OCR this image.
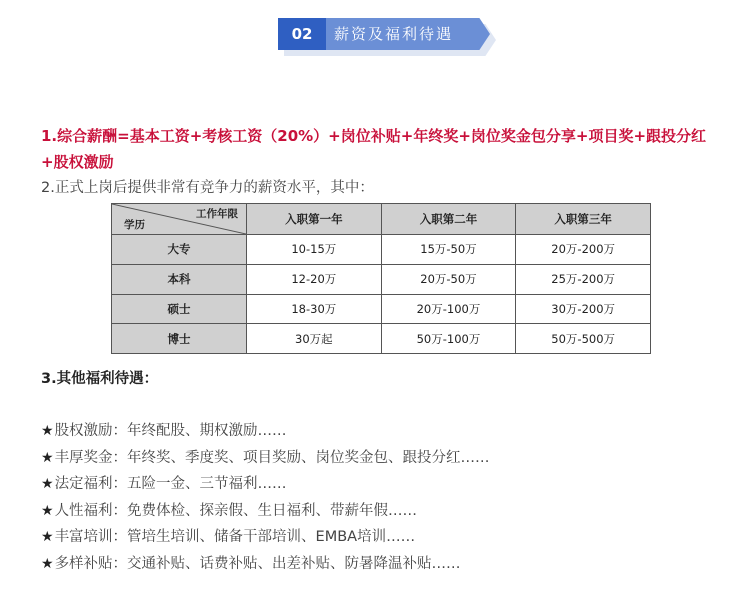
02	薪资及福利待遇
1.综合薪酬=基本工资+考核工资（20%）+岗位补贴+年终奖+岗位奖金包分享+项目奖+跟投分红+股权激励
2.正式上岗后提供非常有竞争力的薪资水平，其中：
工作年限
学历	入职第一年	入职第二年	入职第三年
大专	10-15万	15万-50万	20万-200万
本科	12-20万	20万-50万	25万-200万
硕士	18-30万	20万-100万	30万-200万
博士	30万起	50万-100万	50万-500万
3.其他福利待遇：
★股权激励：年终配股、期权激励……
★丰厚奖金：年终奖、季度奖、项目奖励、岗位奖金包、跟投分红……
★法定福利：五险一金、三节福利……
★人性福利：免费体检、探亲假、生日福利、带薪年假……
★丰富培训：管培生培训、储备干部培训、EMBA培训……
★多样补贴：交通补贴、话费补贴、出差补贴、防暑降温补贴……
